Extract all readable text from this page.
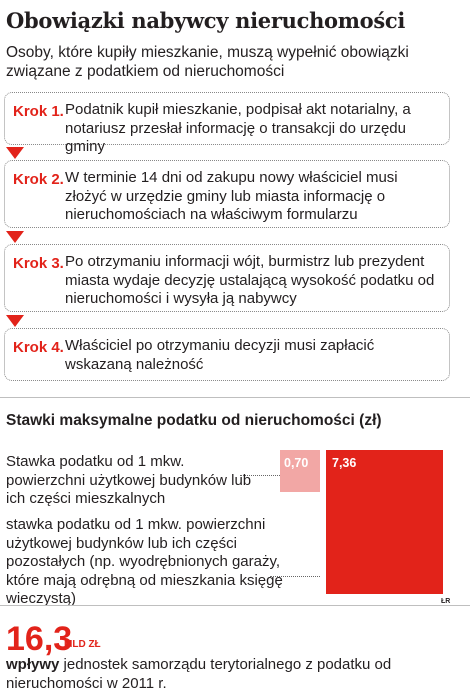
Obowiązki nabywcy nieruchomości

Osoby, które kupiły mieszkanie, muszą wypełnić obowiązki związane z podatkiem od nieruchomości

Krok 1. Podatnik kupił mieszkanie, podpisał akt notarialny, a notariusz przesłał informację o transakcji do urzędu gminy
Krok 2. W terminie 14 dni od zakupu nowy właściciel musi złożyć w urzędzie gminy lub miasta informację o nieruchomościach na właściwym formularzu
Krok 3. Po otrzymaniu informacji wójt, burmistrz lub prezydent miasta wydaje decyzję ustalającą wysokość podatku od nieruchomości i wysyła ją nabywcy
Krok 4. Właściciel po otrzymaniu decyzji musi zapłacić wskazaną należność
Stawki maksymalne podatku od nieruchomości (zł)
Stawka podatku od 1 mkw. powierzchni użytkowej budynków lub ich części mieszkalnych
stawka podatku od 1 mkw. powierzchni użytkowej budynków lub ich części pozostałych (np. wyodrębnionych garaży, które mają odrębną od mieszkania księgę wieczystą)
0,70 7,36
ŁR
16,3
MLD ZŁ
wpływy jednostek samorządu terytorialnego z podatku od nieruchomości w 2011 r.
